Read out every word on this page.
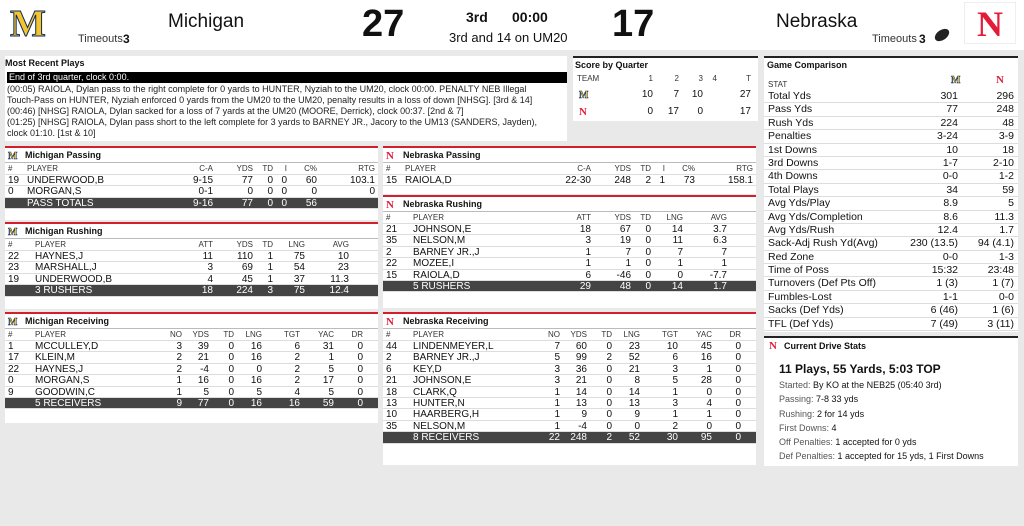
M	Michigan
Timeouts 3	27	3rd 00:00
3rd and 14 on UM20 17	Nebraska
Timeouts 3	N
Most Recent Plays
End of 3rd quarter, clock 0:00.
(00:05) RAIOLA, Dylan pass to the right complete for 0 yards to HUNTER, Nyziah to the UM20, clock 00:00. PENALTY NEB Illegal
Touch-Pass on HUNTER, Nyziah enforced 0 yards from the UM20 to the UM20, penalty results in a loss of down [NHSG]. [3rd & 14]
(00:46) [NHSG] RAIOLA, Dylan sacked for a loss of 7 yards at the UM20 (MOORE, Derrick), clock 00:37. [2nd & 7]
(01:25) [NHSG] RAIOLA, Dylan pass short to the left complete for 3 yards to BARNEY JR., Jacory to the UM13 (SANDERS, Jayden),
clock 01:10. [1st & 10]
Score by Quarter
TEAM	1	2 3 4	T
M	10 7 10	27
N	0 17 0	17
Game Comparison
STAT	M	N
Total Yds	301	296
Pass Yds	77	248
Rush Yds	224	48
Penalties	3-24	3-9
1st Downs	10	18
3rd Downs	1-7	2-10
4th Downs	0-0	1-2
Total Plays	34	59
Avg Yds/Play	8.9	5
Avg Yds/Completion	8.6	11.3
Avg Yds/Rush	12.4	1.7
Sack-Adj Rush Yd(Avg)	230 (13.5) 94 (4.1)
Red Zone	0-0	1-3
Time of Poss	15:32	23:48
Turnovers (Def Pts Off)	1 (3)	1 (7)
Fumbles-Lost	1-1	0-0
Sacks (Def Yds)	6 (46)	1 (6)
TFL (Def Yds)	7 (49)	3 (11)
N Current Drive Stats
11 Plays, 55 Yards, 5:03 TOP
Started: By KO at the NEB25 (05:40 3rd)
Passing: 7-8 33 yds
Rushing: 2 for 14 yds
First Downs: 4
Off Penalties: 1 accepted for 0 yds
Def Penalties: 1 accepted for 15 yds, 1 First Downs
M Michigan Passing
# PLAYER	C-A	YDS TD I C%	RTG
19 UNDERWOOD,B	9-15	77 0 0 60	103.1
0 MORGAN,S	0-1	0 0 0 0	0
PASS TOTALS	9-16	77 0 0 56
M Michigan Rushing
#	PLAYER	ATT	YDS TD LNG	AVG
22 HAYNES,J	11 110 1 75	10
23 MARSHALL,J	3	69 1 54	23
19 UNDERWOOD,B	4	45 1 37	11.3
3 RUSHERS	18 224 3 75 12.4
M Michigan Receiving
#	PLAYER	NO YDS TD LNG	TGT YAC DR
1 MCCULLEY,D	3 39 0 16	6 31 0
17 KLEIN,M	2 21 0 16	2	1 0
22 HAYNES,J	2 -4 0 0	2	5 0
0 MORGAN,S	1 16 0 16	2 17 0
9 GOODWIN,C	1 5 0 5	4	5 0
5 RECEIVERS	9 77 0 16	16 59 0
N Nebraska Passing
# PLAYER	C-A	YDS TD I C%	RTG
15 RAIOLA,D	22-30 248 2 1 73	158.1
N Nebraska Rushing
#	PLAYER	ATT	YDS TD LNG	AVG
21 JOHNSON,E	18	67 0 14	3.7
35 NELSON,M	3	19 0 11	6.3
2 BARNEY JR.,J	1	7 0	7	7
22 MOZEE,I	1	1 0	1	1
15 RAIOLA,D	6	-46 0	0	-7.7
5 RUSHERS	29	48 0 14	1.7
N Nebraska Receiving
#	PLAYER	NO YDS TD LNG	TGT YAC DR
44 LINDENMEYER,L	7 60 0 23	10 45 0
2 BARNEY JR.,J	5 99 2 52	6 16 0
6 KEY,D	3 36 0 21	3	1 0
21 JOHNSON,E	3 21 0 8	5 28 0
18 CLARK,Q	1 14 0 14	1	0 0
13 HUNTER,N	1 13 0 13	3	4 0
10 HAARBERG,H	1 9 0 9	1	1 0
35 NELSON,M	1 -4 0 0	2	0 0
8 RECEIVERS	22 248 2 52	30 95 0
